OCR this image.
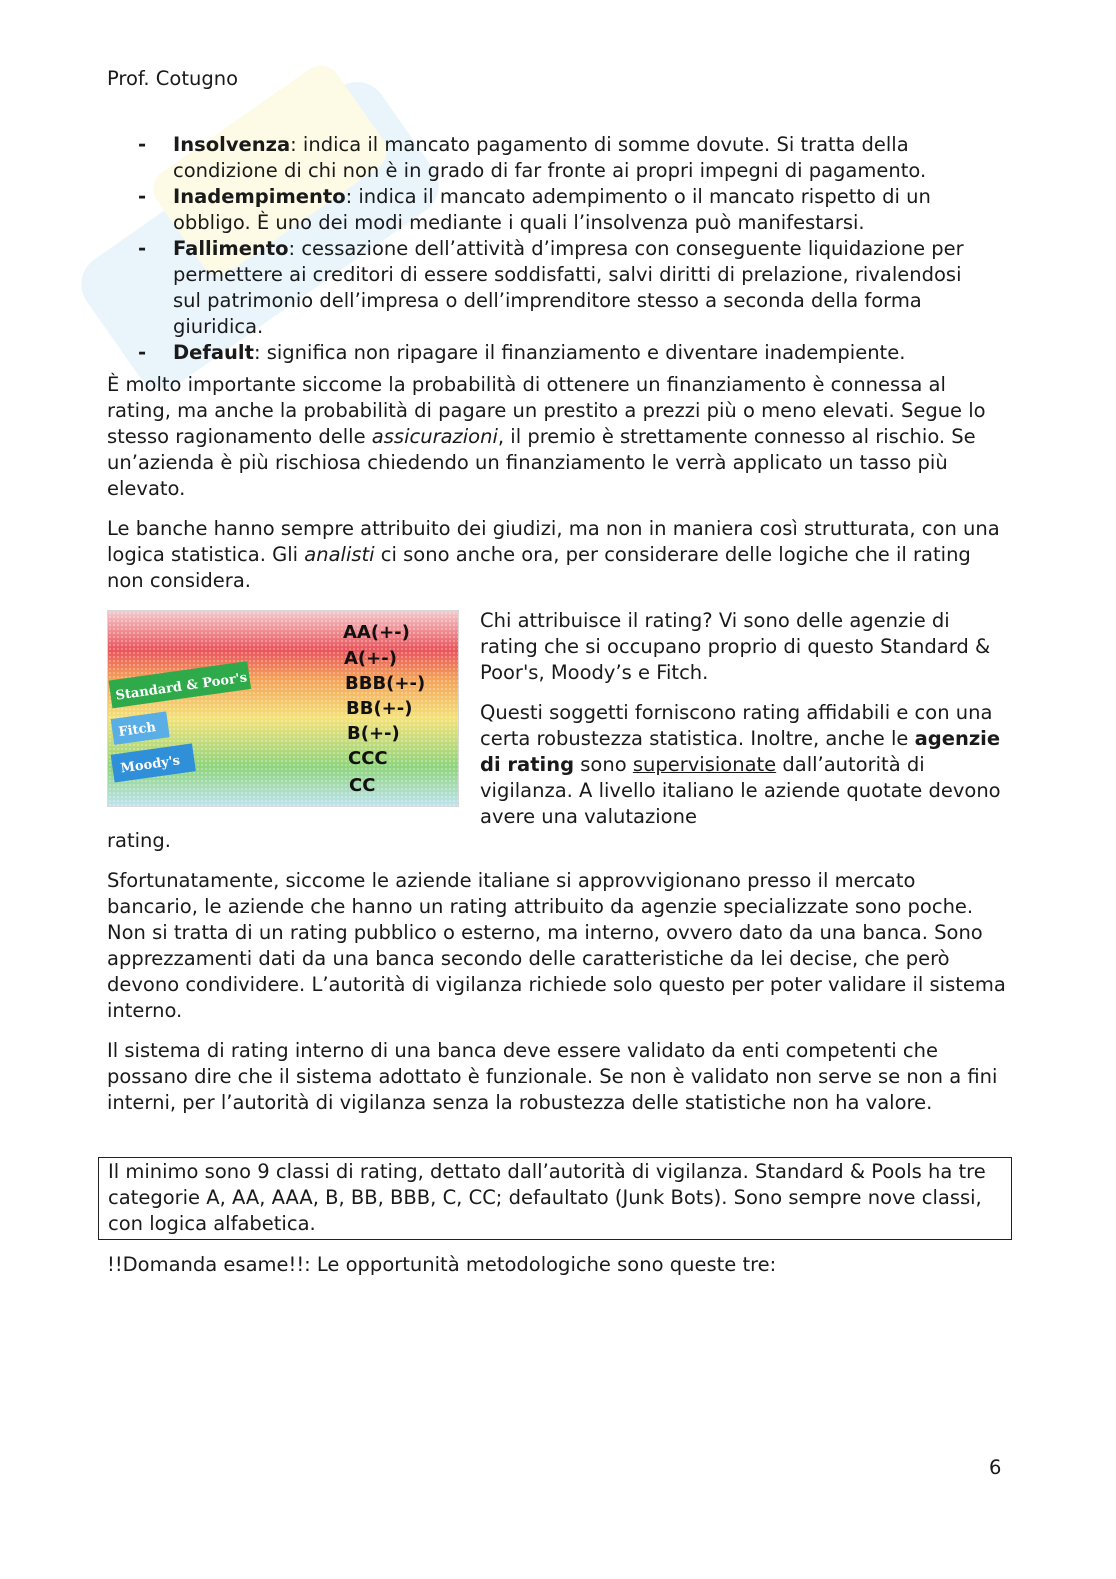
Prof. Cotugno

- Insolvenza: indica il mancato pagamento di somme dovute. Si tratta della condizione di chi non è in grado di far fronte ai propri impegni di pagamento.
- Inadempimento: indica il mancato adempimento o il mancato rispetto di un obbligo. È uno dei modi mediante i quali l’insolvenza può manifestarsi.
- Fallimento: cessazione dell’attività d’impresa con conseguente liquidazione per permettere ai creditori di essere soddisfatti, salvi diritti di prelazione, rivalendosi sul patrimonio dell’impresa o dell’imprenditore stesso a seconda della forma giuridica.
- Default: significa non ripagare il finanziamento e diventare inadempiente.

È molto importante siccome la probabilità di ottenere un finanziamento è connessa al rating, ma anche la probabilità di pagare un prestito a prezzi più o meno elevati. Segue lo stesso ragionamento delle assicurazioni, il premio è strettamente connesso al rischio. Se un’azienda è più rischiosa chiedendo un finanziamento le verrà applicato un tasso più elevato.

Le banche hanno sempre attribuito dei giudizi, ma non in maniera così strutturata, con una logica statistica. Gli analisti ci sono anche ora, per considerare delle logiche che il rating non considera.

Standard & Poor's
Fitch
Moody's
AA(+-)
A(+-)
BBB(+-)
BB(+-)
B(+-)
CCC
CC

Chi attribuisce il rating? Vi sono delle agenzie di rating che si occupano proprio di questo Standard & Poor's, Moody’s e Fitch.

Questi soggetti forniscono rating affidabili e con una certa robustezza statistica. Inoltre, anche le agenzie di rating sono supervisionate dall’autorità di vigilanza. A livello italiano le aziende quotate devono avere una valutazione

rating.

Sfortunatamente, siccome le aziende italiane si approvvigionano presso il mercato bancario, le aziende che hanno un rating attribuito da agenzie specializzate sono poche. Non si tratta di un rating pubblico o esterno, ma interno, ovvero dato da una banca. Sono apprezzamenti dati da una banca secondo delle caratteristiche da lei decise, che però devono condividere. L’autorità di vigilanza richiede solo questo per poter validare il sistema interno.

Il sistema di rating interno di una banca deve essere validato da enti competenti che possano dire che il sistema adottato è funzionale. Se non è validato non serve se non a fini interni, per l’autorità di vigilanza senza la robustezza delle statistiche non ha valore.

Il minimo sono 9 classi di rating, dettato dall’autorità di vigilanza. Standard & Pools ha tre categorie A, AA, AAA, B, BB, BBB, C, CC; defaultato (Junk Bots). Sono sempre nove classi, con logica alfabetica.

!!Domanda esame!!: Le opportunità metodologiche sono queste tre:

6
